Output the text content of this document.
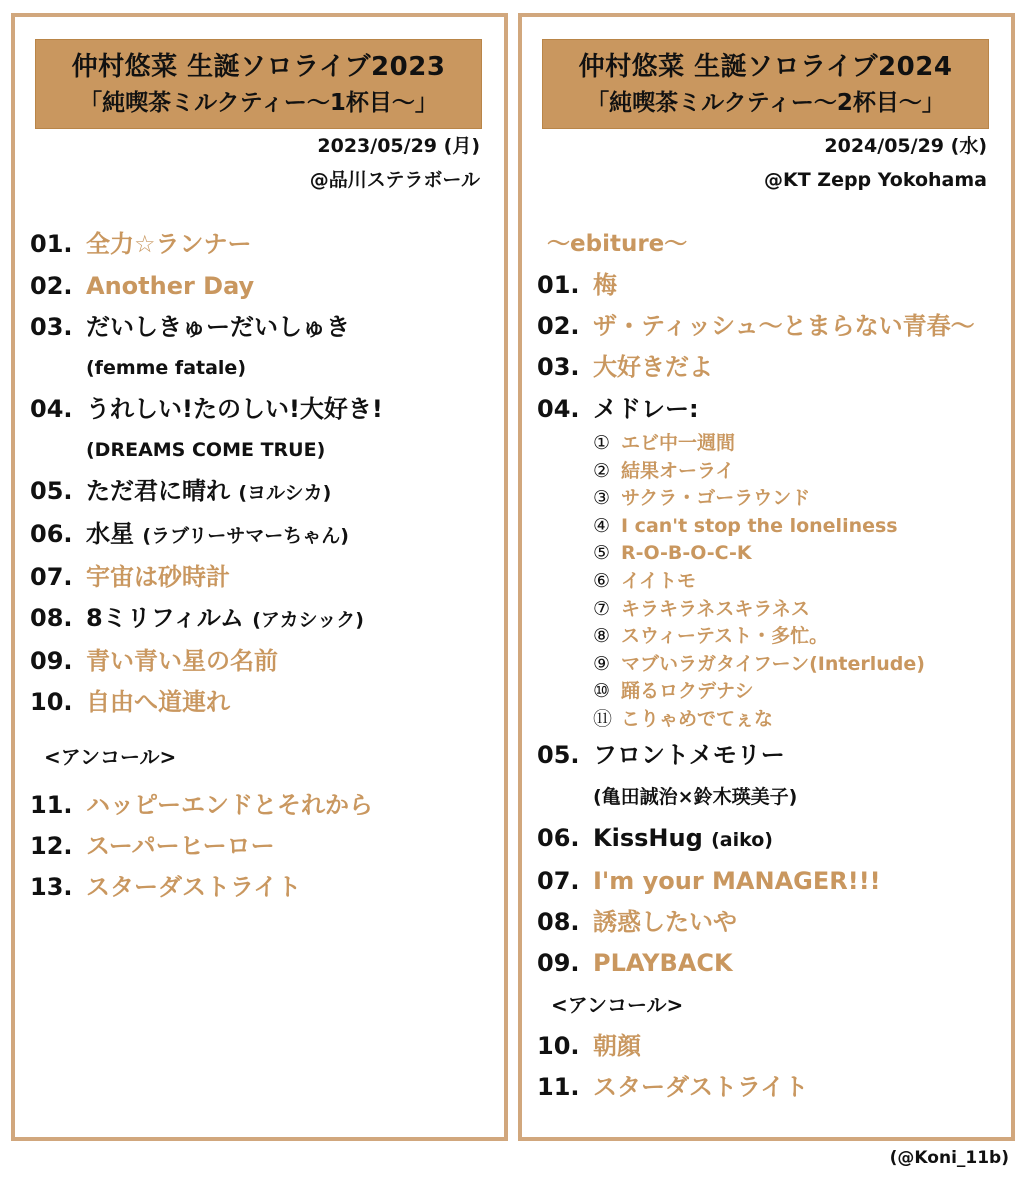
仲村悠菜 生誕ソロライブ2023
「純喫茶ミルクティー〜1杯目〜」
2023/05/29 (月)
@品川ステラボール
01. 全力☆ランナー
02. Another Day
03. だいしきゅーだいしゅき
(femme fatale)
04. うれしい!たのしい!大好き!
(DREAMS COME TRUE)
05. ただ君に晴れ (ヨルシカ)
06. 水星 (ラブリーサマーちゃん)
07. 宇宙は砂時計
08. 8ミリフィルム (アカシック)
09. 青い青い星の名前
10. 自由へ道連れ
<アンコール>
11. ハッピーエンドとそれから
12. スーパーヒーロー
13. スターダストライト
仲村悠菜 生誕ソロライブ2024
「純喫茶ミルクティー〜2杯目〜」
2024/05/29 (水)
@KT Zepp Yokohama
〜ebiture〜
01. 梅
02. ザ・ティッシュ〜とまらない青春〜
03. 大好きだよ
04. メドレー:
① エビ中一週間
② 結果オーライ
③ サクラ・ゴーラウンド
④ I can't stop the loneliness
⑤ R-O-B-O-C-K
⑥ イイトモ
⑦ キラキラネスキラネス
⑧ スウィーテスト・多忙。
⑨ マブいラガタイフーン(Interlude)
⑩ 踊るロクデナシ
⑪ こりゃめでてぇな
05. フロントメモリー
(亀田誠治×鈴木瑛美子)
06. KissHug (aiko)
07. I'm your MANAGER!!!
08. 誘惑したいや
09. PLAYBACK
<アンコール>
10. 朝顔
11. スターダストライト
(@Koni_11b)
